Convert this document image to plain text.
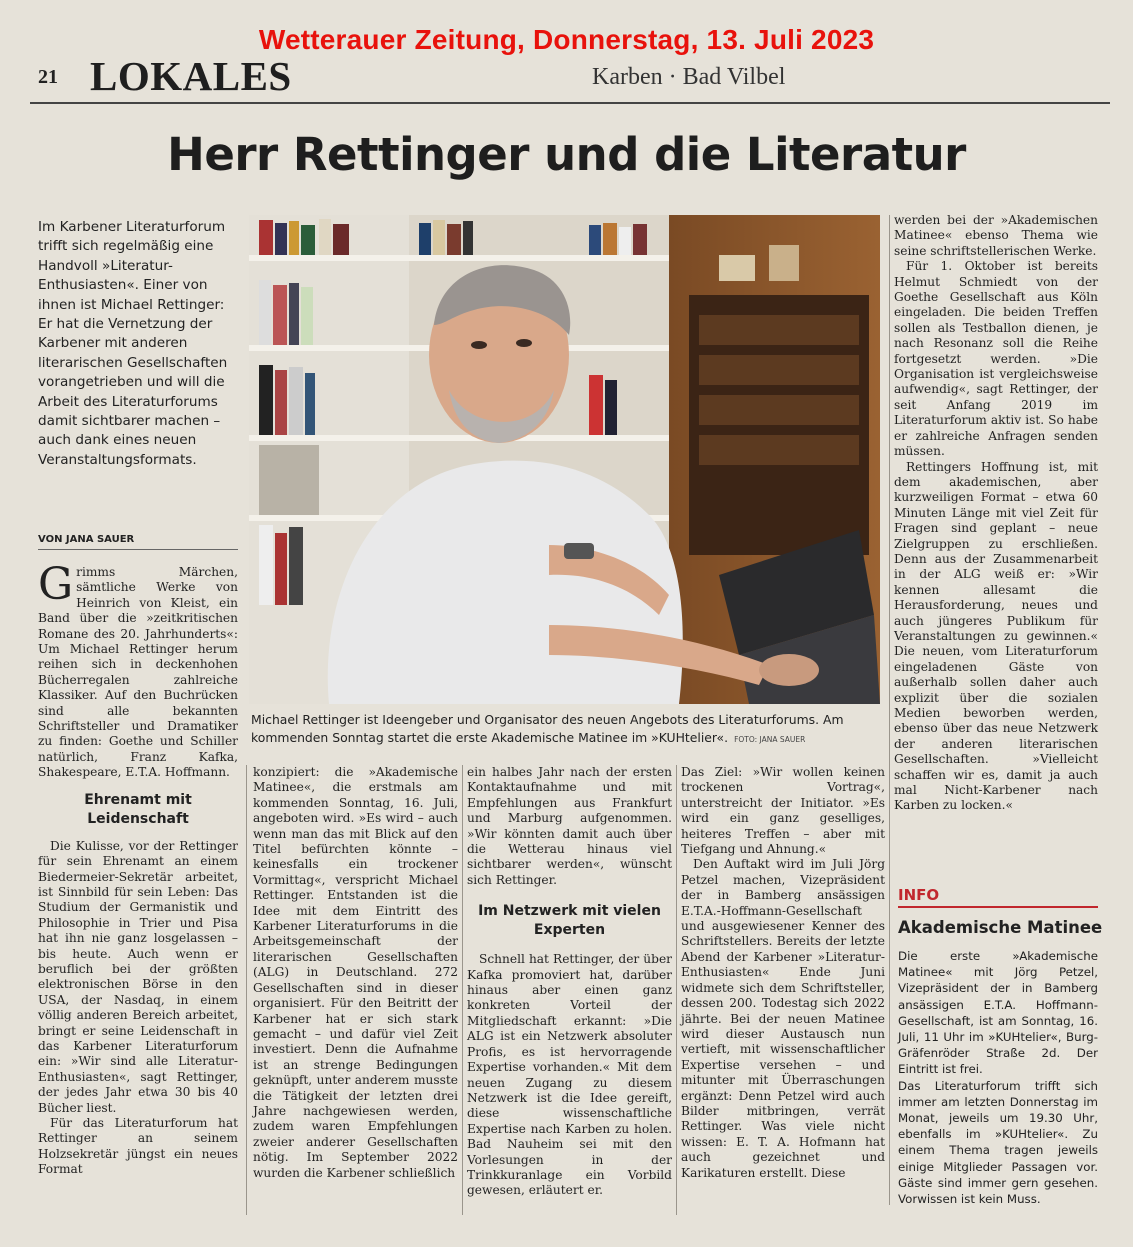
Wetterauer Zeitung, Donnerstag, 13. Juli 2023
21 LOKALES	Karben · Bad Vilbel
Herr Rettinger und die Literatur
Im Karbener Literaturforum trifft sich regelmäßig eine Handvoll »Literatur-Enthusiasten«. Einer von ihnen ist Michael Rettinger: Er hat die Vernetzung der Karbener mit anderen literarischen Gesellschaften vorangetrieben und will die Arbeit des Literaturforums damit sichtbarer machen – auch dank eines neuen Veranstaltungsformats.
VON JANA SAUER

Grimms Märchen, sämtliche Werke von Heinrich von Kleist, ein Band über die »zeitkritischen Romane des 20. Jahrhunderts«: Um Michael Rettinger herum reihen sich in deckenhohen Bücherregalen zahlreiche Klassiker. Auf den Buchrücken sind alle bekannten Schriftsteller und Dramatiker zu finden: Goethe und Schiller natürlich, Franz Kafka, Shakespeare, E.T.A. Hoffmann.

Ehrenamt mit Leidenschaft

Die Kulisse, vor der Rettinger für sein Ehrenamt an einem Biedermeier-Sekretär arbeitet, ist Sinnbild für sein Leben: Das Studium der Germanistik und Philosophie in Trier und Pisa hat ihn nie ganz losgelassen – bis heute. Auch wenn er beruflich bei der größten elektronischen Börse in den USA, der Nasdaq, in einem völlig anderen Bereich arbeitet, bringt er seine Leidenschaft in das Karbener Literaturforum ein: »Wir sind alle Literatur-Enthusiasten«, sagt Rettinger, der jedes Jahr etwa 30 bis 40 Bücher liest.

Für das Literaturforum hat Rettinger an seinem Holzsekretär jüngst ein neues Format

konzipiert: die »Akademische Matinee«, die erstmals am kommenden Sonntag, 16. Juli, angeboten wird. »Es wird – auch wenn man das mit Blick auf den Titel befürchten könnte – keinesfalls ein trockener Vormittag«, verspricht Michael Rettinger. Entstanden ist die Idee mit dem Eintritt des Karbener Literaturforums in die Arbeitsgemeinschaft der literarischen Gesellschaften (ALG) in Deutschland. 272 Gesellschaften sind in dieser organisiert. Für den Beitritt der Karbener hat er sich stark gemacht – und dafür viel Zeit investiert. Denn die Aufnahme ist an strenge Bedingungen geknüpft, unter anderem musste die Tätigkeit der letzten drei Jahre nachgewiesen werden, zudem waren Empfehlungen zweier anderer Gesellschaften nötig. Im September 2022 wurden die Karbener schließlich

ein halbes Jahr nach der ersten Kontaktaufnahme und mit Empfehlungen aus Frankfurt und Marburg aufgenommen. »Wir könnten damit auch über die Wetterau hinaus viel sichtbarer werden«, wünscht sich Rettinger.

Im Netzwerk mit vielen Experten

Schnell hat Rettinger, der über Kafka promoviert hat, darüber hinaus aber einen ganz konkreten Vorteil der Mitgliedschaft erkannt: »Die ALG ist ein Netzwerk absoluter Profis, es ist hervorragende Expertise vorhanden.« Mit dem neuen Zugang zu diesem Netzwerk ist die Idee gereift, diese wissenschaftliche Expertise nach Karben zu holen. Bad Nauheim sei mit den Vorlesungen in der Trinkkuranlage ein Vorbild gewesen, erläutert er.

Das Ziel: »Wir wollen keinen trockenen Vortrag«, unterstreicht der Initiator. »Es wird ein ganz geselliges, heiteres Treffen – aber mit Tiefgang und Ahnung.«

Den Auftakt wird im Juli Jörg Petzel machen, Vizepräsident der in Bamberg ansässigen E.T.A.-Hoffmann-Gesellschaft und ausgewiesener Kenner des Schriftstellers. Bereits der letzte Abend der Karbener »Literatur-Enthusiasten« Ende Juni widmete sich dem Schriftsteller, dessen 200. Todestag sich 2022 jährte. Bei der neuen Matinee wird dieser Austausch nun vertieft, mit wissenschaftlicher Expertise versehen – und mitunter mit Überraschungen ergänzt: Denn Petzel wird auch Bilder mitbringen, verrät Rettinger. Was viele nicht wissen: E. T. A. Hofmann hat auch gezeichnet und Karikaturen erstellt. Diese

werden bei der »Akademischen Matinee« ebenso Thema wie seine schriftstellerischen Werke.

Für 1. Oktober ist bereits Helmut Schmiedt von der Goethe Gesellschaft aus Köln eingeladen. Die beiden Treffen sollen als Testballon dienen, je nach Resonanz soll die Reihe fortgesetzt werden. »Die Organisation ist vergleichsweise aufwendig«, sagt Rettinger, der seit Anfang 2019 im Literaturforum aktiv ist. So habe er zahlreiche Anfragen senden müssen.

Rettingers Hoffnung ist, mit dem akademischen, aber kurzweiligen Format – etwa 60 Minuten Länge mit viel Zeit für Fragen sind geplant – neue Zielgruppen zu erschließen. Denn aus der Zusammenarbeit in der ALG weiß er: »Wir kennen allesamt die Herausforderung, neues und auch jüngeres Publikum für Veranstaltungen zu gewinnen.« Die neuen, vom Literaturforum eingeladenen Gäste von außerhalb sollen daher auch explizit über die sozialen Medien beworben werden, ebenso über das neue Netzwerk der anderen literarischen Gesellschaften. »Vielleicht schaffen wir es, damit ja auch mal Nicht-Karbener nach Karben zu locken.«

Michael Rettinger ist Ideengeber und Organisator des neuen Angebots des Literaturforums. Am kommenden Sonntag startet die erste Akademische Matinee im »KUHtelier«. FOTO: JANA SAUER
INFO
Akademische Matinee

Die erste »Akademische Matinee« mit Jörg Petzel, Vizepräsident der in Bamberg ansässigen E.T.A. Hoffmann-Gesellschaft, ist am Sonntag, 16. Juli, 11 Uhr im »KUHtelier«, Burg-Gräfenröder Straße 2d. Der Eintritt ist frei.

Das Literaturforum trifft sich immer am letzten Donnerstag im Monat, jeweils um 19.30 Uhr, ebenfalls im »KUHtelier«. Zu einem Thema tragen jeweils einige Mitglieder Passagen vor. Gäste sind immer gern gesehen. Vorwissen ist kein Muss.
